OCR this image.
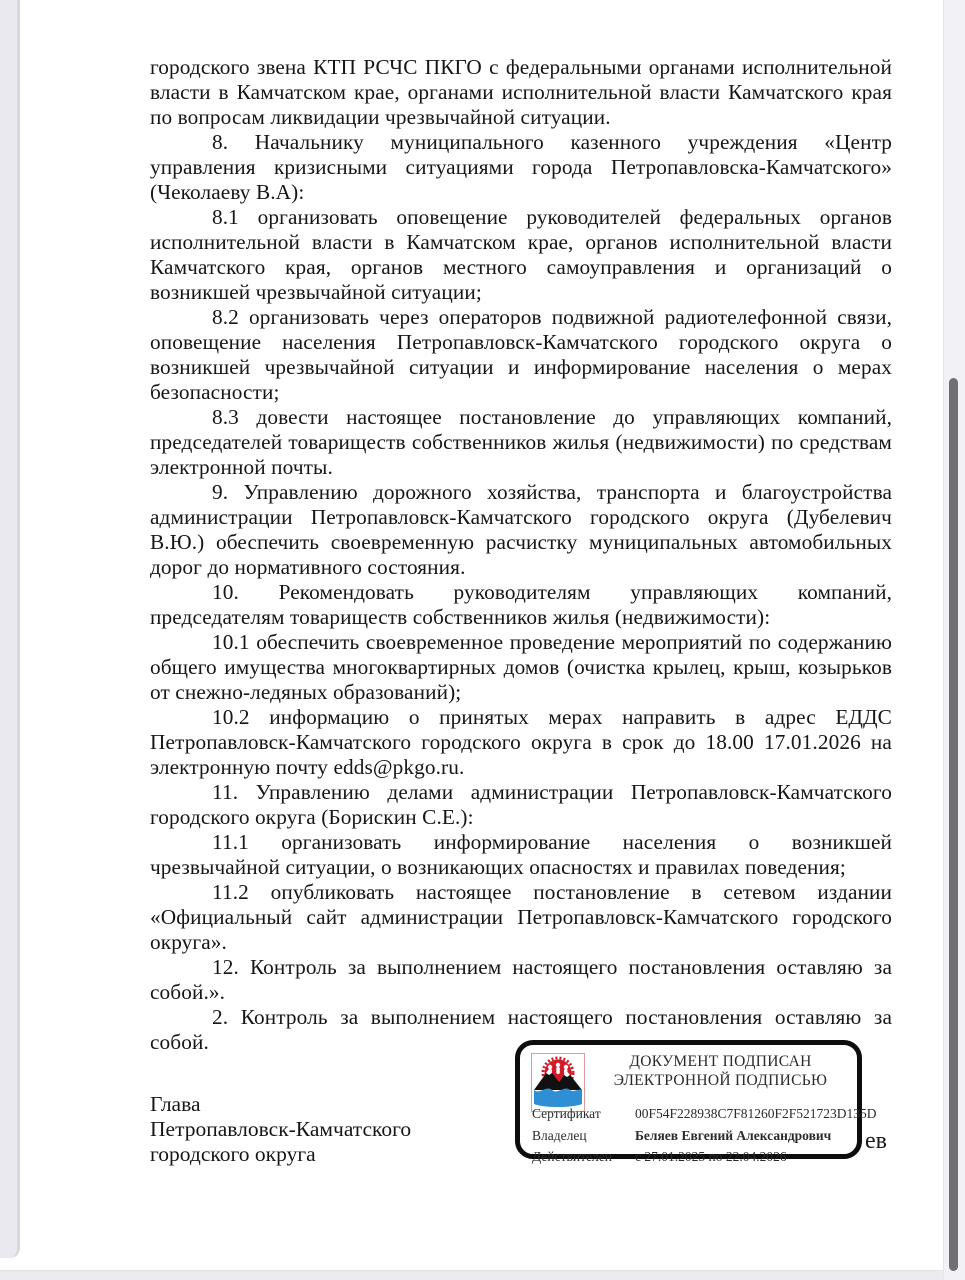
городского звена КТП РСЧС ПКГО с федеральными органами исполнительной власти в Камчатском крае, органами исполнительной власти Камчатского края по вопросам ликвидации чрезвычайной ситуации.

8. Начальнику муниципального казенного учреждения «Центр управления кризисными ситуациями города Петропавловска-Камчатского» (Чеколаеву В.А):

8.1 организовать оповещение руководителей федеральных органов исполнительной власти в Камчатском крае, органов исполнительной власти Камчатского края, органов местного самоуправления и организаций о возникшей чрезвычайной ситуации;

8.2 организовать через операторов подвижной радиотелефонной связи, оповещение населения Петропавловск-Камчатского городского округа о возникшей чрезвычайной ситуации и информирование населения о мерах безопасности;

8.3 довести настоящее постановление до управляющих компаний, председателей товариществ собственников жилья (недвижимости) по средствам электронной почты.

9. Управлению дорожного хозяйства, транспорта и благоустройства администрации Петропавловск-Камчатского городского округа (Дубелевич В.Ю.) обеспечить своевременную расчистку муниципальных автомобильных дорог до нормативного состояния.

10. Рекомендовать руководителям управляющих компаний, председателям товариществ собственников жилья (недвижимости):

10.1 обеспечить своевременное проведение мероприятий по содержанию общего имущества многоквартирных домов (очистка крылец, крыш, козырьков от снежно-ледяных образований);

10.2 информацию о принятых мерах направить в адрес ЕДДС Петропавловск-Камчатского городского округа в срок до 18.00 17.01.2026 на электронную почту edds@pkgo.ru.

11. Управлению делами администрации Петропавловск-Камчатского городского округа (Борискин С.Е.):

11.1 организовать информирование населения о возникшей чрезвычайной ситуации, о возникающих опасностях и правилах поведения;

11.2 опубликовать настоящее постановление в сетевом издании «Официальный сайт администрации Петропавловск-Камчатского городского округа».

12. Контроль за выполнением настоящего постановления оставляю за собой.».

2. Контроль за выполнением настоящего постановления оставляю за собой.

Глава
Петропавловск-Камчатского
городского округа
ДОКУМЕНТ ПОДПИСАН
ЭЛЕКТРОННОЙ ПОДПИСЬЮ
Сертификат	00F54F228938C7F81260F2F521723D135D
Владелец	Беляев Евгений Александрович
Действителен	с 27.01.2025 по 22.04.2026
ев
